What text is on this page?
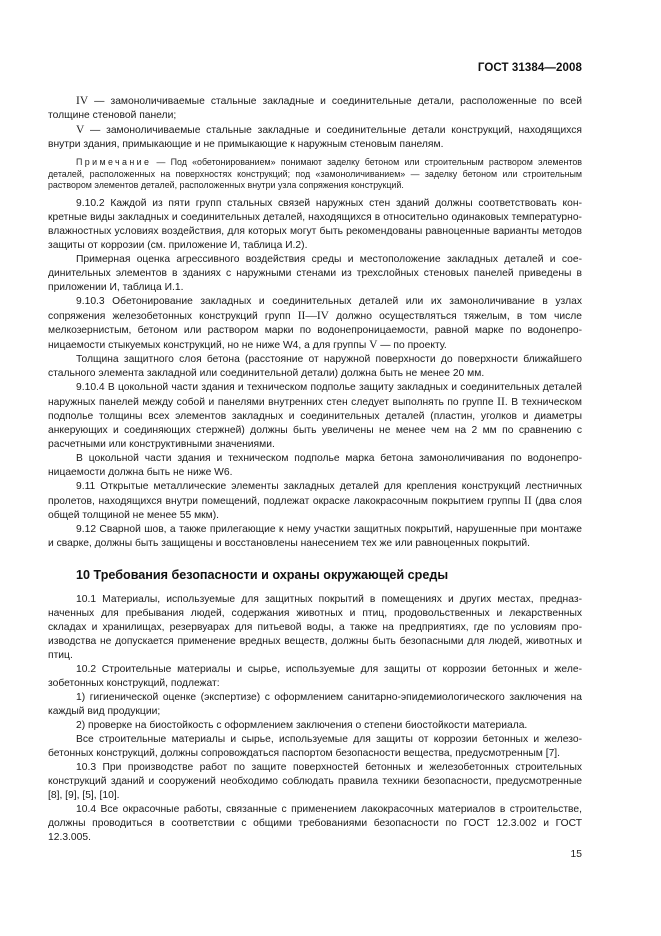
ГОСТ 31384—2008

IV — замоноличиваемые стальные закладные и соединительные детали, расположенные по всей толщине стеновой панели;

V — замоноличиваемые стальные закладные и соединительные детали конструкций, находящихся внутри здания, примыкающие и не примыкающие к наружным стеновым панелям.

Примечание — Под «обетонированием» понимают заделку бетоном или строительным раствором элементов деталей, расположенных на поверхностях конструкций; под «замоноличиванием» — заделку бетоном или строительным раствором элементов деталей, расположенных внутри узла сопряжения конструкций.

9.10.2 Каждой из пяти групп стальных связей наружных стен зданий должны соответствовать конкретные виды закладных и соединительных деталей, находящихся в относительно одинаковых температурно-влажностных условиях воздействия, для которых могут быть рекомендованы равноценные варианты методов защиты от коррозии (см. приложение И, таблица И.2).

Примерная оценка агрессивного воздействия среды и местоположение закладных деталей и соединительных элементов в зданиях с наружными стенами из трехслойных стеновых панелей приведены в приложении И, таблица И.1.

9.10.3 Обетонирование закладных и соединительных деталей или их замоноличивание в узлах сопряжения железобетонных конструкций групп II—IV должно осуществляться тяжелым, в том числе мелкозернистым, бетоном или раствором марки по водонепроницаемости, равной марке по водонепроницаемости стыкуемых конструкций, но не ниже W4, а для группы V — по проекту.

Толщина защитного слоя бетона (расстояние от наружной поверхности до поверхности ближайшего стального элемента закладной или соединительной детали) должна быть не менее 20 мм.

9.10.4 В цокольной части здания и техническом подполье защиту закладных и соединительных деталей наружных панелей между собой и панелями внутренних стен следует выполнять по группе II. В техническом подполье толщины всех элементов закладных и соединительных деталей (пластин, уголков и диаметры анкерующих и соединяющих стержней) должны быть увеличены не менее чем на 2 мм по сравнению с расчетными или конструктивными значениями.

В цокольной части здания и техническом подполье марка бетона замоноличивания по водонепроницаемости должна быть не ниже W6.

9.11 Открытые металлические элементы закладных деталей для крепления конструкций лестничных пролетов, находящихся внутри помещений, подлежат окраске лакокрасочным покрытием группы II (два слоя общей толщиной не менее 55 мкм).

9.12 Сварной шов, а также прилегающие к нему участки защитных покрытий, нарушенные при монтаже и сварке, должны быть защищены и восстановлены нанесением тех же или равноценных покрытий.

10 Требования безопасности и охраны окружающей среды

10.1 Материалы, используемые для защитных покрытий в помещениях и других местах, предназначенных для пребывания людей, содержания животных и птиц, продовольственных и лекарственных складах и хранилищах, резервуарах для питьевой воды, а также на предприятиях, где по условиям производства не допускается применение вредных веществ, должны быть безопасными для людей, животных и птиц.

10.2 Строительные материалы и сырье, используемые для защиты от коррозии бетонных и железобетонных конструкций, подлежат:

1) гигиенической оценке (экспертизе) с оформлением санитарно-эпидемиологического заключения на каждый вид продукции;

2) проверке на биостойкость с оформлением заключения о степени биостойкости материала.

Все строительные материалы и сырье, используемые для защиты от коррозии бетонных и железобетонных конструкций, должны сопровождаться паспортом безопасности вещества, предусмотренным [7].

10.3 При производстве работ по защите поверхностей бетонных и железобетонных строительных конструкций зданий и сооружений необходимо соблюдать правила техники безопасности, предусмотренные [8], [9], [5], [10].

10.4 Все окрасочные работы, связанные с применением лакокрасочных материалов в строительстве, должны проводиться в соответствии с общими требованиями безопасности по ГОСТ 12.3.002 и ГОСТ 12.3.005.

15
